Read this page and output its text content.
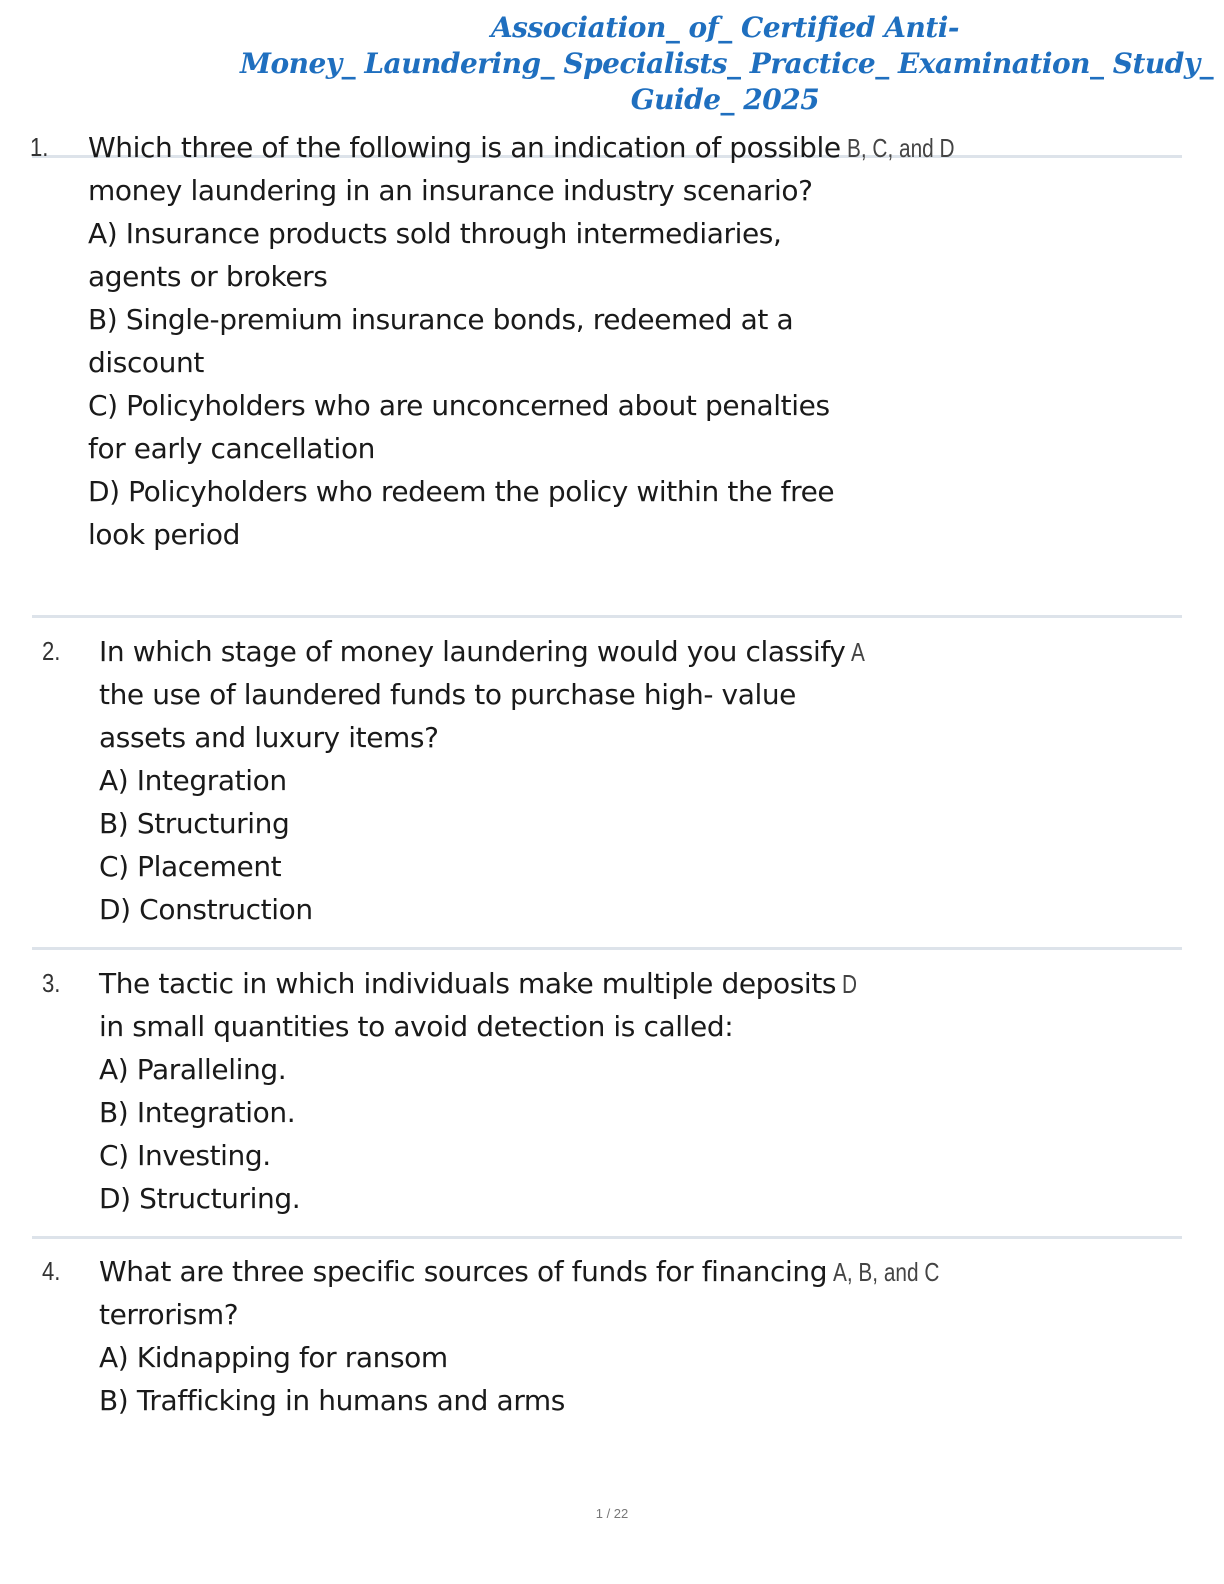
Association_ of_ Certified Anti-
Money_ Laundering_ Specialists_ Practice_ Examination_ Study_
Guide_ 2025
1. Which three of the following is an indication of possible B, C, and D
money laundering in an insurance industry scenario?
A) Insurance products sold through intermediaries,
agents or brokers
B) Single-premium insurance bonds, redeemed at a
discount
C) Policyholders who are unconcerned about penalties
for early cancellation
D) Policyholders who redeem the policy within the free
look period
2. In which stage of money laundering would you classify A
the use of laundered funds to purchase high- value
assets and luxury items?
A) Integration
B) Structuring
C) Placement
D) Construction
3. The tactic in which individuals make multiple deposits D
in small quantities to avoid detection is called:
A) Paralleling.
B) Integration.
C) Investing.
D) Structuring.
4. What are three specific sources of funds for financing A, B, and C
terrorism?
A) Kidnapping for ransom
B) Trafficking in humans and arms
1 / 22
